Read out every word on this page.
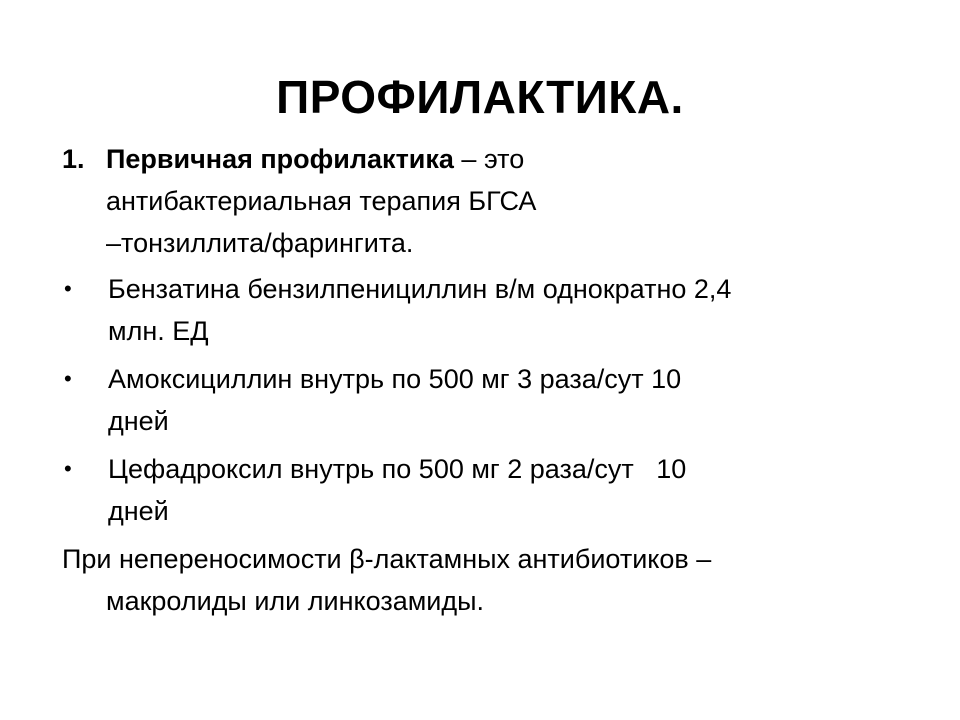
ПРОФИЛАКТИКА.
1. Первичная профилактика – это
антибактериальная терапия БГСА
–тонзиллита/фарингита.
•	Бензатина бензилпенициллин в/м однократно 2,4
млн. ЕД
•	Амоксициллин внутрь по 500 мг 3 раза/сут 10
дней
•	Цефадроксил внутрь по 500 мг 2 раза/сут   10
дней
При непереносимости β-лактамных антибиотиков –
макролиды или линкозамиды.
